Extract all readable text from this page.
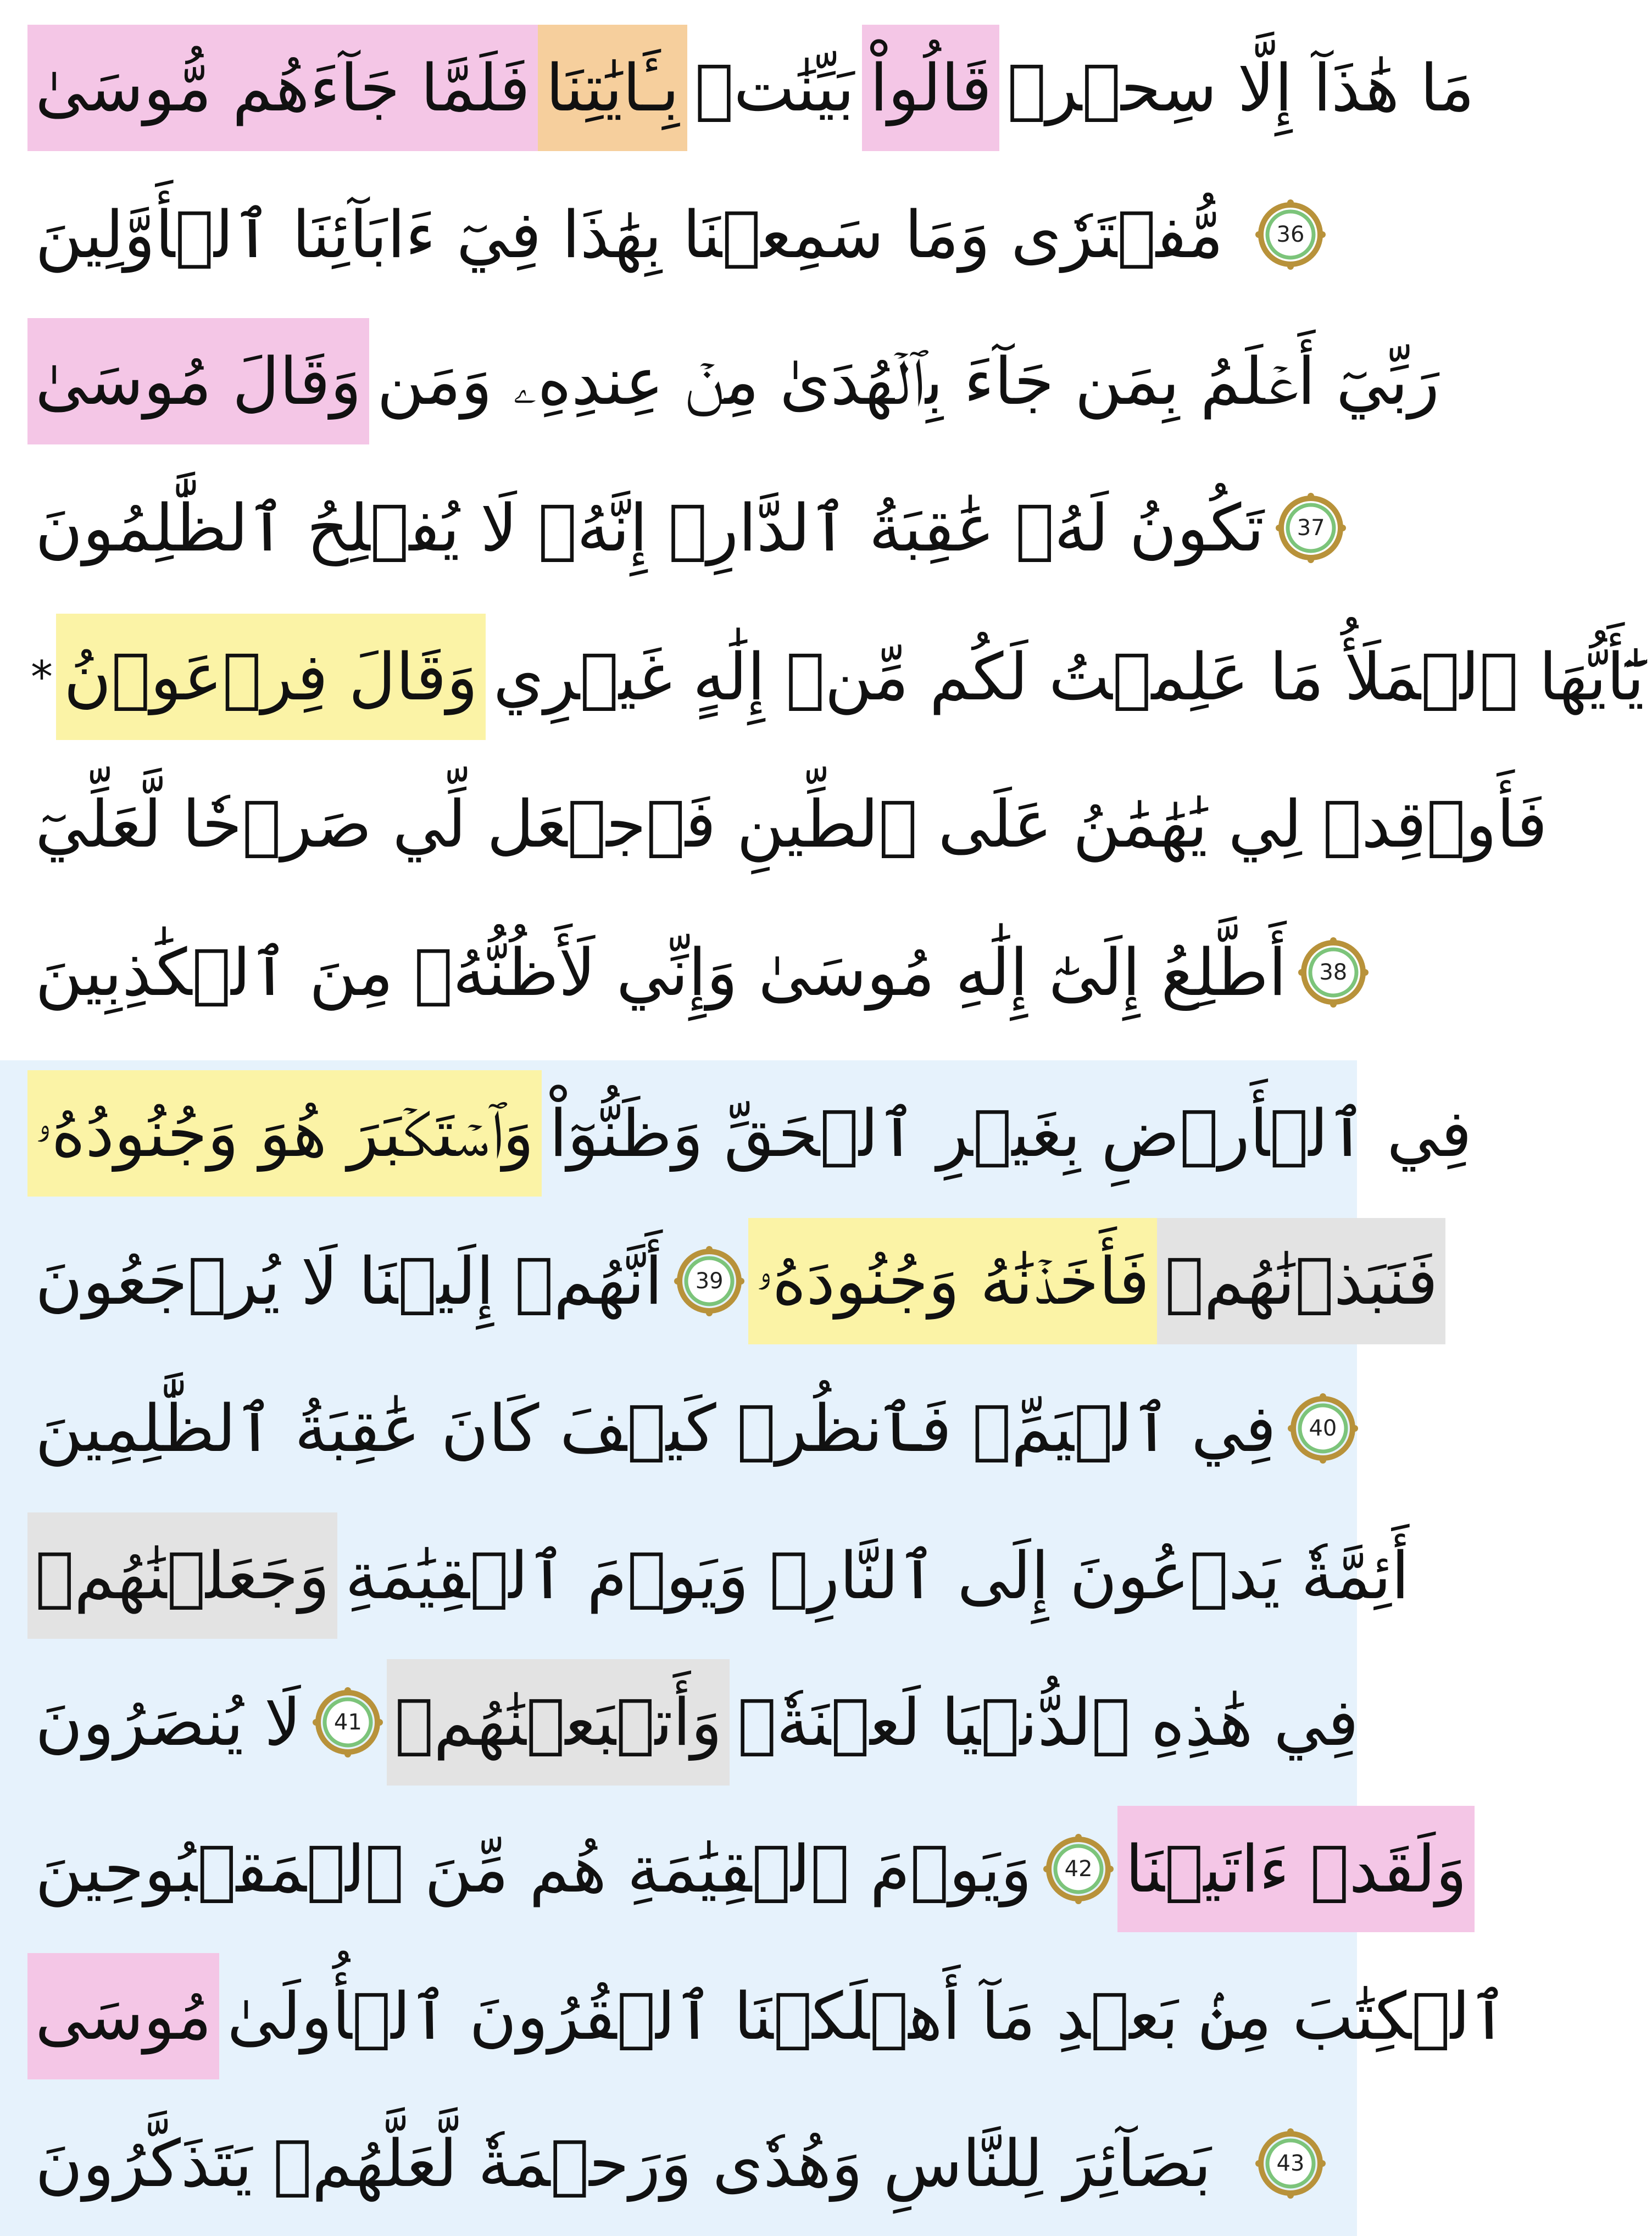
فَلَمَّا جَآءَهُم مُّوسَىٰ بِـَٔايَٰتِنَا بَيِّنَٰتٖ قَالُواْ مَا هَٰذَآ إِلَّا سِحۡرٞ
مُّفۡتَرٗى وَمَا سَمِعۡنَا بِهَٰذَا فِيٓ ءَابَآئِنَا ٱلۡأَوَّلِينَ	36
وَقَالَ مُوسَىٰ رَبِّيٓ أَعۡلَمُ بِمَن جَآءَ بِٱلۡهُدَىٰ مِنۡ عِندِهِۦ وَمَن
تَكُونُ لَهُۥ عَٰقِبَةُ ٱلدَّارِۚ إِنَّهُۥ لَا يُفۡلِحُ ٱلظَّٰلِمُونَ	37
* وَقَالَ فِرۡعَوۡنُ يَٰٓأَيُّهَا ٱلۡمَلَأُ مَا عَلِمۡتُ لَكُم مِّنۡ إِلَٰهٍ غَيۡرِي
فَأَوۡقِدۡ لِي يَٰهَٰمَٰنُ عَلَى ٱلطِّينِ فَٱجۡعَل لِّي صَرۡحٗا لَّعَلِّيٓ
أَطَّلِعُ إِلَىٰٓ إِلَٰهِ مُوسَىٰ وَإِنِّي لَأَظُنُّهُۥ مِنَ ٱلۡكَٰذِبِينَ	38
وَٱسۡتَكۡبَرَ هُوَ وَجُنُودُهُۥ فِي ٱلۡأَرۡضِ بِغَيۡرِ ٱلۡحَقِّ وَظَنُّوٓاْ
أَنَّهُمۡ إِلَيۡنَا لَا يُرۡجَعُونَ	39 فَأَخَذۡنَٰهُ وَجُنُودَهُۥ فَنَبَذۡنَٰهُمۡ
فِي ٱلۡيَمِّۖ فَٱنظُرۡ كَيۡفَ كَانَ عَٰقِبَةُ ٱلظَّٰلِمِينَ	40
وَجَعَلۡنَٰهُمۡ أَئِمَّةٗ يَدۡعُونَ إِلَى ٱلنَّارِۖ وَيَوۡمَ ٱلۡقِيَٰمَةِ
لَا يُنصَرُونَ	41 وَأَتۡبَعۡنَٰهُمۡ فِي هَٰذِهِ ٱلدُّنۡيَا لَعۡنَةٗۖ
وَيَوۡمَ ٱلۡقِيَٰمَةِ هُم مِّنَ ٱلۡمَقۡبُوحِينَ	42 وَلَقَدۡ ءَاتَيۡنَا
مُوسَى ٱلۡكِتَٰبَ مِنۢ بَعۡدِ مَآ أَهۡلَكۡنَا ٱلۡقُرُونَ ٱلۡأُولَىٰ
بَصَآئِرَ لِلنَّاسِ وَهُدٗى وَرَحۡمَةٗ لَّعَلَّهُمۡ يَتَذَكَّرُونَ	43
